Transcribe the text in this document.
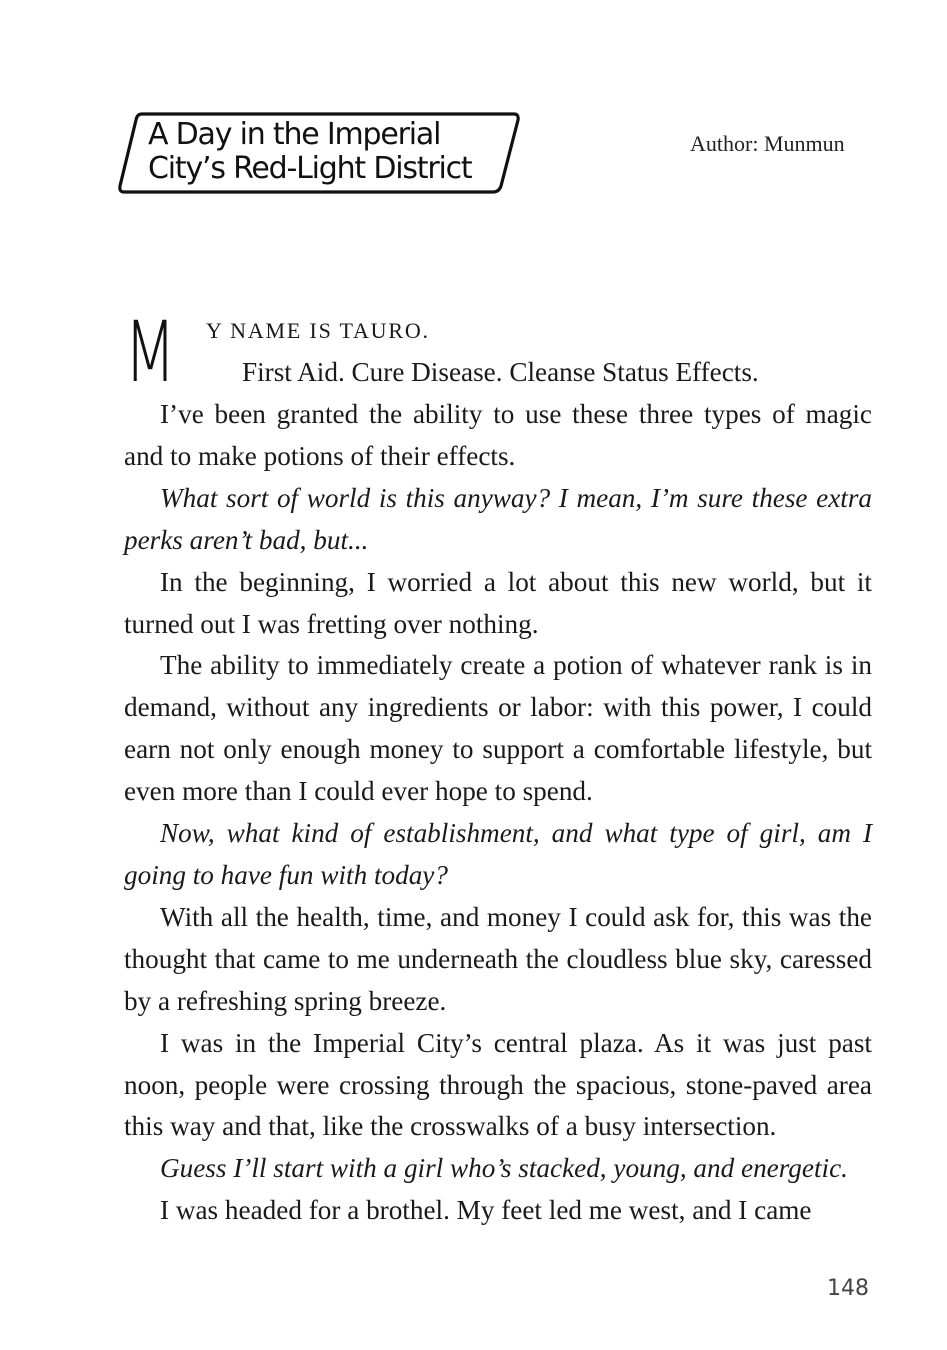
A Day in the Imperial
City’s Red-Light District
Author: Munmun
M Y NAME IS TAURO.
First Aid. Cure Disease. Cleanse Status Effects.

I’ve been granted the ability to use these three types of magic and to make potions of their effects.

What sort of world is this anyway? I mean, I’m sure these extra perks aren’t bad, but...

In the beginning, I worried a lot about this new world, but it turned out I was fretting over nothing.

The ability to immediately create a potion of whatever rank is in demand, without any ingredients or labor: with this power, I could earn not only enough money to support a comfortable lifestyle, but even more than I could ever hope to spend.

Now, what kind of establishment, and what type of girl, am I going to have fun with today?

With all the health, time, and money I could ask for, this was the thought that came to me underneath the cloudless blue sky, caressed by a refreshing spring breeze.

I was in the Imperial City’s central plaza. As it was just past noon, people were crossing through the spacious, stone-paved area this way and that, like the crosswalks of a busy intersection.

Guess I’ll start with a girl who’s stacked, young, and energetic.

I was headed for a brothel. My feet led me west, and I came

148
